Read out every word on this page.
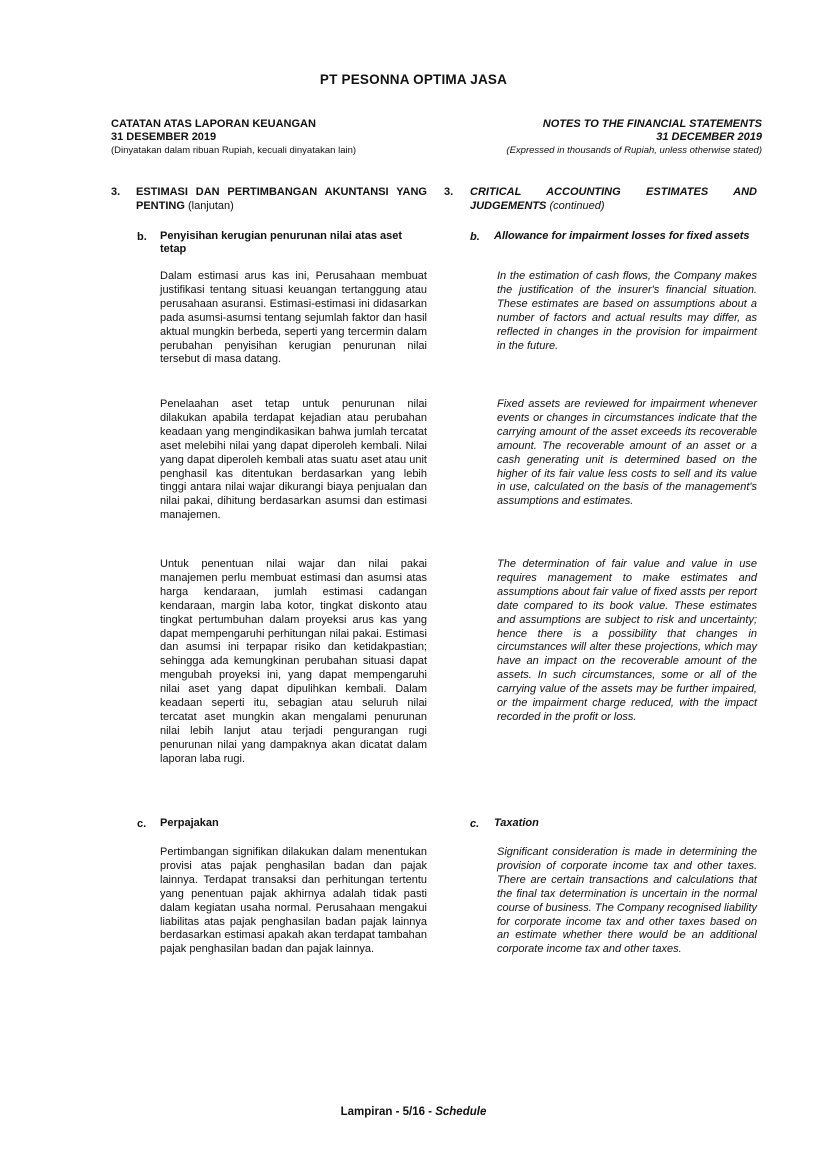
PT PESONNA OPTIMA JASA
CATATAN ATAS LAPORAN KEUANGAN
31 DESEMBER 2019
(Dinyatakan dalam ribuan Rupiah, kecuali dinyatakan lain)
NOTES TO THE FINANCIAL STATEMENTS
31 DECEMBER 2019
(Expressed in thousands of Rupiah, unless otherwise stated)
3. ESTIMASI DAN PERTIMBANGAN AKUNTANSI YANG PENTING (lanjutan)
3. CRITICAL ACCOUNTING ESTIMATES AND JUDGEMENTS (continued)
b. Penyisihan kerugian penurunan nilai atas aset tetap
b. Allowance for impairment losses for fixed assets
Dalam estimasi arus kas ini, Perusahaan membuat justifikasi tentang situasi keuangan tertanggung atau perusahaan asuransi. Estimasi-estimasi ini didasarkan pada asumsi-asumsi tentang sejumlah faktor dan hasil aktual mungkin berbeda, seperti yang tercermin dalam perubahan penyisihan kerugian penurunan nilai tersebut di masa datang.
Penelaahan aset tetap untuk penurunan nilai dilakukan apabila terdapat kejadian atau perubahan keadaan yang mengindikasikan bahwa jumlah tercatat aset melebihi nilai yang dapat diperoleh kembali. Nilai yang dapat diperoleh kembali atas suatu aset atau unit penghasil kas ditentukan berdasarkan yang lebih tinggi antara nilai wajar dikurangi biaya penjualan dan nilai pakai, dihitung berdasarkan asumsi dan estimasi manajemen.
Untuk penentuan nilai wajar dan nilai pakai manajemen perlu membuat estimasi dan asumsi atas harga kendaraan, jumlah estimasi cadangan kendaraan, margin laba kotor, tingkat diskonto atau tingkat pertumbuhan dalam proyeksi arus kas yang dapat mempengaruhi perhitungan nilai pakai. Estimasi dan asumsi ini terpapar risiko dan ketidakpastian; sehingga ada kemungkinan perubahan situasi dapat mengubah proyeksi ini, yang dapat mempengaruhi nilai aset yang dapat dipulihkan kembali. Dalam keadaan seperti itu, sebagian atau seluruh nilai tercatat aset mungkin akan mengalami penurunan nilai lebih lanjut atau terjadi pengurangan rugi penurunan nilai yang dampaknya akan dicatat dalam laporan laba rugi.
In the estimation of cash flows, the Company makes the justification of the insurer's financial situation. These estimates are based on assumptions about a number of factors and actual results may differ, as reflected in changes in the provision for impairment in the future.
Fixed assets are reviewed for impairment whenever events or changes in circumstances indicate that the carrying amount of the asset exceeds its recoverable amount. The recoverable amount of an asset or a cash generating unit is determined based on the higher of its fair value less costs to sell and its value in use, calculated on the basis of the management's assumptions and estimates.
The determination of fair value and value in use requires management to make estimates and assumptions about fair value of fixed assts per report date compared to its book value. These estimates and assumptions are subject to risk and uncertainty; hence there is a possibility that changes in circumstances will alter these projections, which may have an impact on the recoverable amount of the assets. In such circumstances, some or all of the carrying value of the assets may be further impaired, or the impairment charge reduced, with the impact recorded in the profit or loss.
c. Perpajakan	c. Taxation
Pertimbangan signifikan dilakukan dalam menentukan provisi atas pajak penghasilan badan dan pajak lainnya. Terdapat transaksi dan perhitungan tertentu yang penentuan pajak akhirnya adalah tidak pasti dalam kegiatan usaha normal. Perusahaan mengakui liabilitas atas pajak penghasilan badan pajak lainnya berdasarkan estimasi apakah akan terdapat tambahan pajak penghasilan badan dan pajak lainnya.
Significant consideration is made in determining the provision of corporate income tax and other taxes. There are certain transactions and calculations that the final tax determination is uncertain in the normal course of business. The Company recognised liability for corporate income tax and other taxes based on an estimate whether there would be an additional corporate income tax and other taxes.
Lampiran - 5/16 - Schedule
